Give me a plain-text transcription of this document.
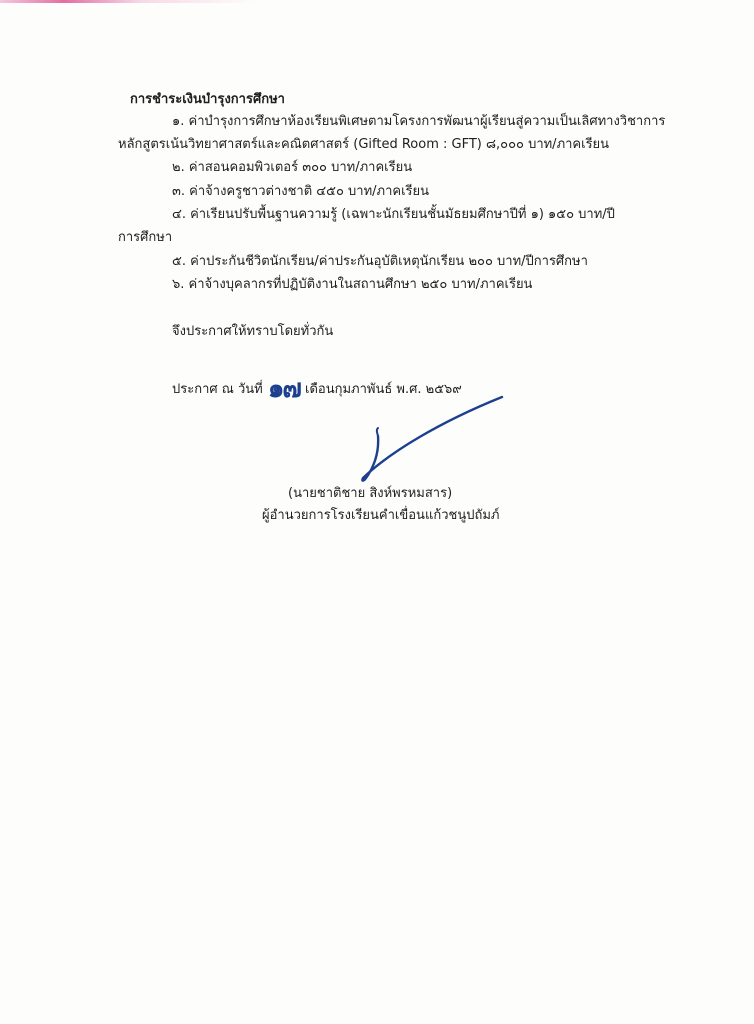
การชำระเงินบำรุงการศึกษา
๑. ค่าบำรุงการศึกษาห้องเรียนพิเศษตามโครงการพัฒนาผู้เรียนสู่ความเป็นเลิศทางวิชาการ
หลักสูตรเน้นวิทยาศาสตร์และคณิตศาสตร์ (Gifted Room : GFT) ๘,๐๐๐ บาท/ภาคเรียน
๒. ค่าสอนคอมพิวเตอร์ ๓๐๐ บาท/ภาคเรียน
๓. ค่าจ้างครูชาวต่างชาติ ๔๕๐ บาท/ภาคเรียน
๔. ค่าเรียนปรับพื้นฐานความรู้ (เฉพาะนักเรียนชั้นมัธยมศึกษาปีที่ ๑) ๑๕๐ บาท/ปี
การศึกษา
๕. ค่าประกันชีวิตนักเรียน/ค่าประกันอุบัติเหตุนักเรียน ๒๐๐ บาท/ปีการศึกษา
๖. ค่าจ้างบุคลากรที่ปฏิบัติงานในสถานศึกษา ๒๕๐ บาท/ภาคเรียน
จึงประกาศให้ทราบโดยทั่วกัน
ประกาศ ณ วันที่ ๑๗ เดือนกุมภาพันธ์ พ.ศ. ๒๕๖๙
(นายชาติชาย สิงห์พรหมสาร)
ผู้อำนวยการโรงเรียนคำเขื่อนแก้วชนูปถัมภ์
